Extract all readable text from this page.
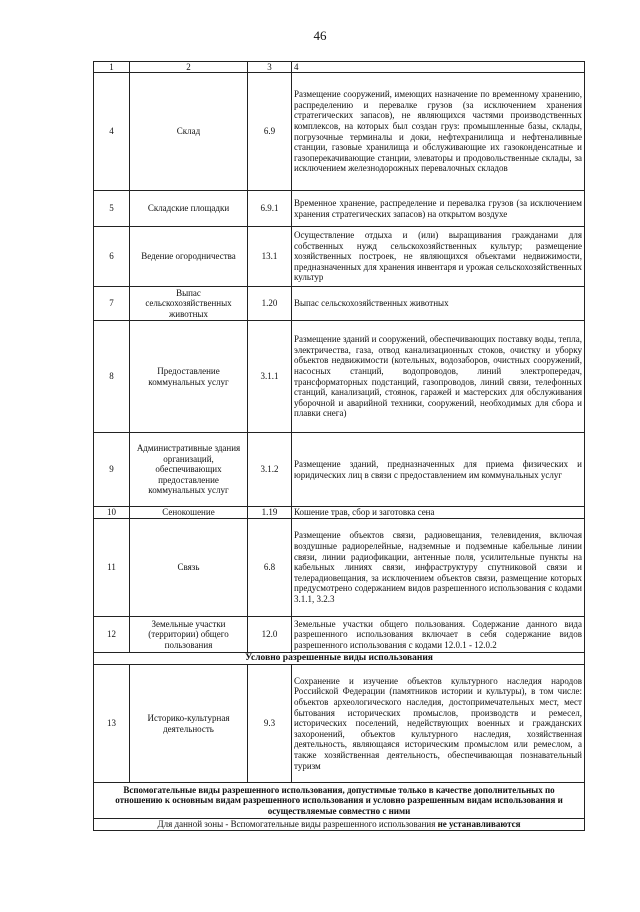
46
1	2	3	4
4	Склад	6.9	Размещение сооружений, имеющих назначение по временному хранению, распределению и перевалке грузов (за исключением хранения стратегических запасов), не являющихся частями производственных комплексов, на которых был создан груз: промышленные базы, склады, погрузочные терминалы и доки, нефтехранилища и нефтеналивные станции, газовые хранилища и обслуживающие их газоконденсатные и газоперекачивающие станции, элеваторы и продовольственные склады, за исключением железнодорожных перевалочных складов
5	Складские площадки	6.9.1	Временное хранение, распределение и перевалка грузов (за исключением хранения стратегических запасов) на открытом воздухе
6	Ведение огородничества	13.1	Осуществление отдыха и (или) выращивания гражданами для собственных нужд сельскохозяйственных культур; размещение хозяйственных построек, не являющихся объектами недвижимости, предназначенных для хранения инвентаря и урожая сельскохозяйственных культур
7	Выпас сельскохозяйственных животных	1.20	Выпас сельскохозяйственных животных
8	Предоставление коммунальных услуг	3.1.1	Размещение зданий и сооружений, обеспечивающих поставку воды, тепла, электричества, газа, отвод канализационных стоков, очистку и уборку объектов недвижимости (котельных, водозаборов, очистных сооружений, насосных станций, водопроводов, линий электропередач, трансформаторных подстанций, газопроводов, линий связи, телефонных станций, канализаций, стоянок, гаражей и мастерских для обслуживания уборочной и аварийной техники, сооружений, необходимых для сбора и плавки снега)
9	Административные здания организаций, обеспечивающих предоставление коммунальных услуг	3.1.2	Размещение зданий, предназначенных для приема физических и юридических лиц в связи с предоставлением им коммунальных услуг
10	Сенокошение	1.19	Кошение трав, сбор и заготовка сена
11	Связь	6.8	Размещение объектов связи, радиовещания, телевидения, включая воздушные радиорелейные, надземные и подземные кабельные линии связи, линии радиофикации, антенные поля, усилительные пункты на кабельных линиях связи, инфраструктуру спутниковой связи и телерадиовещания, за исключением объектов связи, размещение которых предусмотрено содержанием видов разрешенного использования с кодами 3.1.1, 3.2.3
12	Земельные участки (территории) общего пользования	12.0	Земельные участки общего пользования. Содержание данного вида разрешенного использования включает в себя содержание видов разрешенного использования с кодами 12.0.1 - 12.0.2
Условно разрешенные виды использования			
13	Историко-культурная деятельность	9.3	Сохранение и изучение объектов культурного наследия народов Российской Федерации (памятников истории и культуры), в том числе: объектов археологического наследия, достопримечательных мест, мест бытования исторических промыслов, производств и ремесел, исторических поселений, недействующих военных и гражданских захоронений, объектов культурного наследия, хозяйственная деятельность, являющаяся историческим промыслом или ремеслом, а также хозяйственная деятельность, обеспечивающая познавательный туризм
Вспомогательные виды разрешенного использования, допустимые только в качестве дополнительных по отношению к основным видам разрешенного использования и условно разрешенным видам использования и осуществляемые совместно с ними			
Для данной зоны - Вспомогательные виды разрешенного использования не устанавливаются			
